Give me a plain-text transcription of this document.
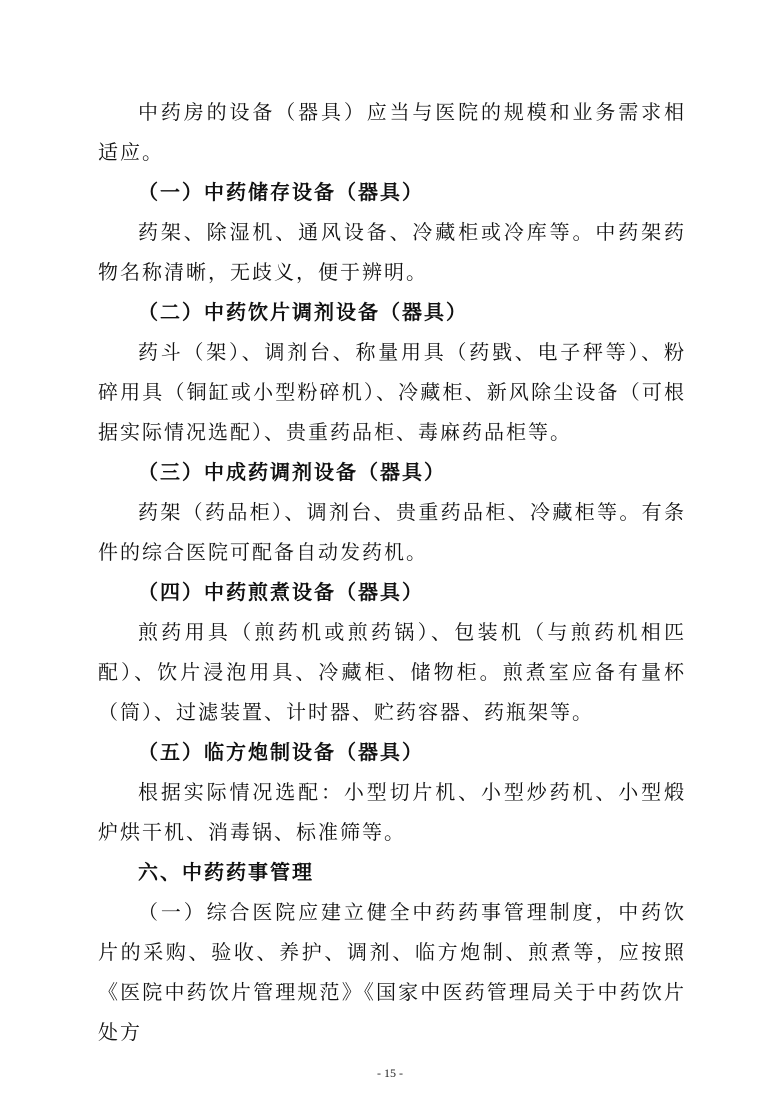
中药房的设备（器具）应当与医院的规模和业务需求相适应。

（一）中药储存设备（器具）

药架、除湿机、通风设备、冷藏柜或冷库等。中药架药物名称清晰，无歧义，便于辨明。

（二）中药饮片调剂设备（器具）

药斗（架）、调剂台、称量用具（药戥、电子秤等）、粉碎用具（铜缸或小型粉碎机）、冷藏柜、新风除尘设备（可根据实际情况选配）、贵重药品柜、毒麻药品柜等。

（三）中成药调剂设备（器具）

药架（药品柜）、调剂台、贵重药品柜、冷藏柜等。有条件的综合医院可配备自动发药机。

（四）中药煎煮设备（器具）

煎药用具（煎药机或煎药锅）、包装机（与煎药机相匹配）、饮片浸泡用具、冷藏柜、储物柜。煎煮室应备有量杯（筒）、过滤装置、计时器、贮药容器、药瓶架等。

（五）临方炮制设备（器具）

根据实际情况选配：小型切片机、小型炒药机、小型煅炉烘干机、消毒锅、标准筛等。

六、中药药事管理

（一）综合医院应建立健全中药药事管理制度，中药饮片的采购、验收、养护、调剂、临方炮制、煎煮等，应按照《医院中药饮片管理规范》《国家中医药管理局关于中药饮片处方

- 15 -
